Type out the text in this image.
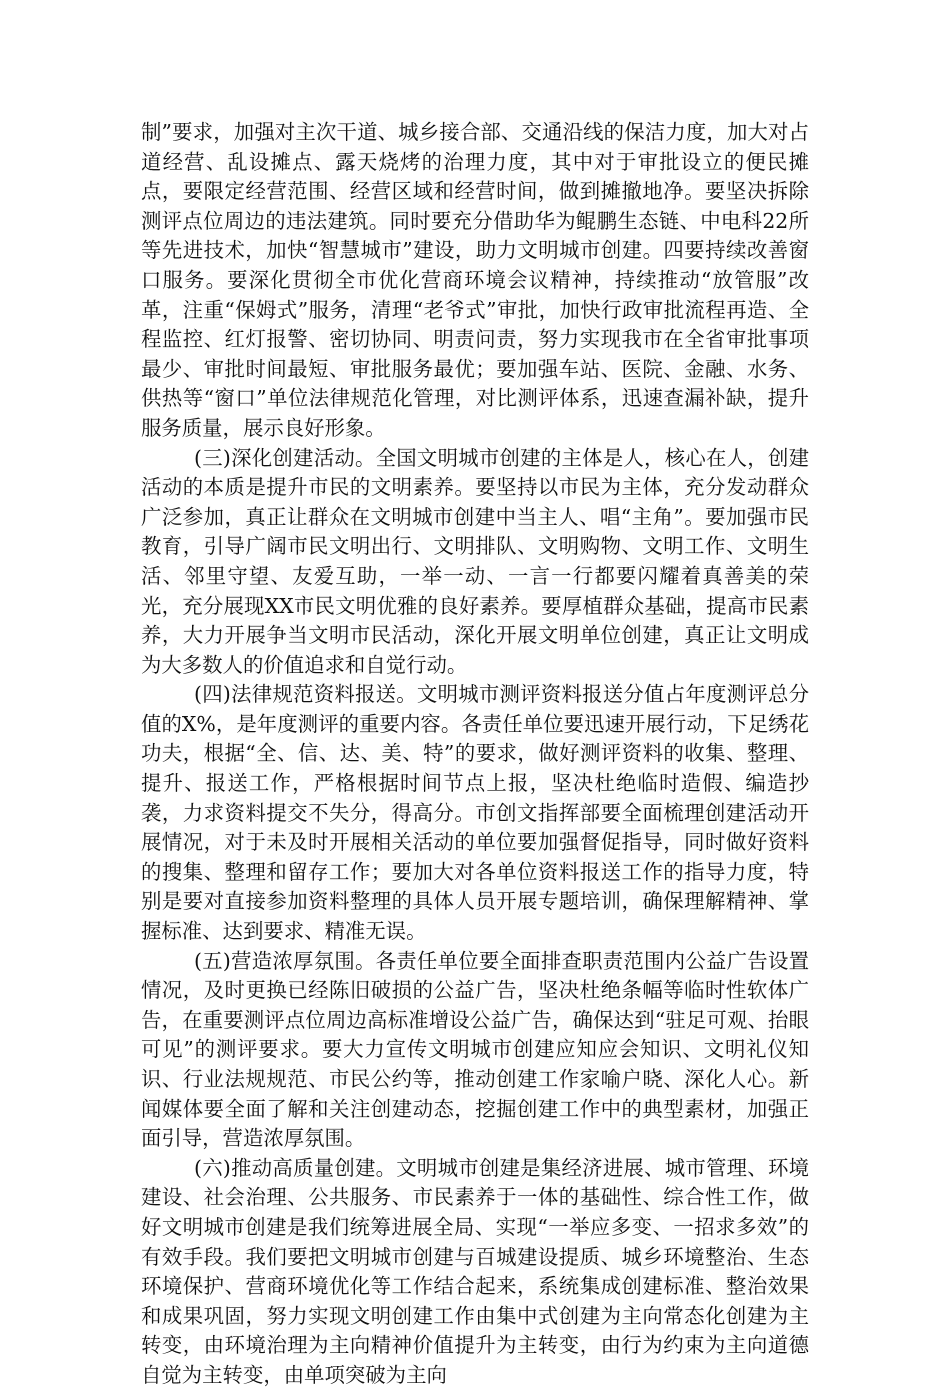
制”要求，加强对主次干道、城乡接合部、交通沿线的保洁力度，加大对占道经营、乱设摊点、露天烧烤的治理力度，其中对于审批设立的便民摊点，要限定经营范围、经营区域和经营时间，做到摊撤地净。要坚决拆除测评点位周边的违法建筑。同时要充分借助华为鲲鹏生态链、中电科22所等先进技术，加快“智慧城市”建设，助力文明城市创建。四要持续改善窗口服务。要深化贯彻全市优化营商环境会议精神，持续推动“放管服”改革，注重“保姆式”服务，清理“老爷式”审批，加快行政审批流程再造、全程监控、红灯报警、密切协同、明责问责，努力实现我市在全省审批事项最少、审批时间最短、审批服务最优；要加强车站、医院、金融、水务、供热等“窗口”单位法律规范化管理，对比测评体系，迅速查漏补缺，提升服务质量，展示良好形象。

(三)深化创建活动。全国文明城市创建的主体是人，核心在人，创建活动的本质是提升市民的文明素养。要坚持以市民为主体，充分发动群众广泛参加，真正让群众在文明城市创建中当主人、唱“主角”。要加强市民教育，引导广阔市民文明出行、文明排队、文明购物、文明工作、文明生活、邻里守望、友爱互助，一举一动、一言一行都要闪耀着真善美的荣光，充分展现XX市民文明优雅的良好素养。要厚植群众基础，提高市民素养，大力开展争当文明市民活动，深化开展文明单位创建，真正让文明成为大多数人的价值追求和自觉行动。

(四)法律规范资料报送。文明城市测评资料报送分值占年度测评总分值的X%，是年度测评的重要内容。各责任单位要迅速开展行动，下足绣花功夫，根据“全、信、达、美、特”的要求，做好测评资料的收集、整理、提升、报送工作，严格根据时间节点上报，坚决杜绝临时造假、编造抄袭，力求资料提交不失分，得高分。市创文指挥部要全面梳理创建活动开展情况，对于未及时开展相关活动的单位要加强督促指导，同时做好资料的搜集、整理和留存工作；要加大对各单位资料报送工作的指导力度，特别是要对直接参加资料整理的具体人员开展专题培训，确保理解精神、掌握标准、达到要求、精准无误。

(五)营造浓厚氛围。各责任单位要全面排查职责范围内公益广告设置情况，及时更换已经陈旧破损的公益广告，坚决杜绝条幅等临时性软体广告，在重要测评点位周边高标准增设公益广告，确保达到“驻足可观、抬眼可见”的测评要求。要大力宣传文明城市创建应知应会知识、文明礼仪知识、行业法规规范、市民公约等，推动创建工作家喻户晓、深化人心。新闻媒体要全面了解和关注创建动态，挖掘创建工作中的典型素材，加强正面引导，营造浓厚氛围。

(六)推动高质量创建。文明城市创建是集经济进展、城市管理、环境建设、社会治理、公共服务、市民素养于一体的基础性、综合性工作，做好文明城市创建是我们统筹进展全局、实现“一举应多变、一招求多效”的有效手段。我们要把文明城市创建与百城建设提质、城乡环境整治、生态环境保护、营商环境优化等工作结合起来，系统集成创建标准、整治效果和成果巩固，努力实现文明创建工作由集中式创建为主向常态化创建为主转变，由环境治理为主向精神价值提升为主转变，由行为约束为主向道德自觉为主转变，由单项突破为主向
